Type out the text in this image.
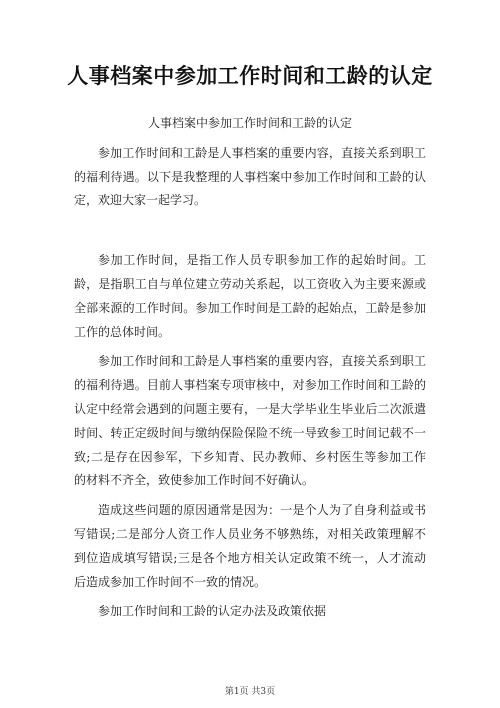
人事档案中参加工作时间和工龄的认定
人事档案中参加工作时间和工龄的认定

参加工作时间和工龄是人事档案的重要内容，直接关系到职工的福利待遇。以下是我整理的人事档案中参加工作时间和工龄的认定，欢迎大家一起学习。

参加工作时间，是指工作人员专职参加工作的起始时间。工龄，是指职工自与单位建立劳动关系起，以工资收入为主要来源或全部来源的工作时间。参加工作时间是工龄的起始点，工龄是参加工作的总体时间。

参加工作时间和工龄是人事档案的重要内容，直接关系到职工的福利待遇。目前人事档案专项审核中，对参加工作时间和工龄的认定中经常会遇到的问题主要有，一是大学毕业生毕业后二次派遣时间、转正定级时间与缴纳保险保险不统一导致参工时间记载不一致;二是存在因参军，下乡知青、民办教师、乡村医生等参加工作的材料不齐全，致使参加工作时间不好确认。

造成这些问题的原因通常是因为：一是个人为了自身利益或书写错误;二是部分人资工作人员业务不够熟练，对相关政策理解不到位造成填写错误;三是各个地方相关认定政策不统一，人才流动后造成参加工作时间不一致的情况。

参加工作时间和工龄的认定办法及政策依据

第1页 共3页
